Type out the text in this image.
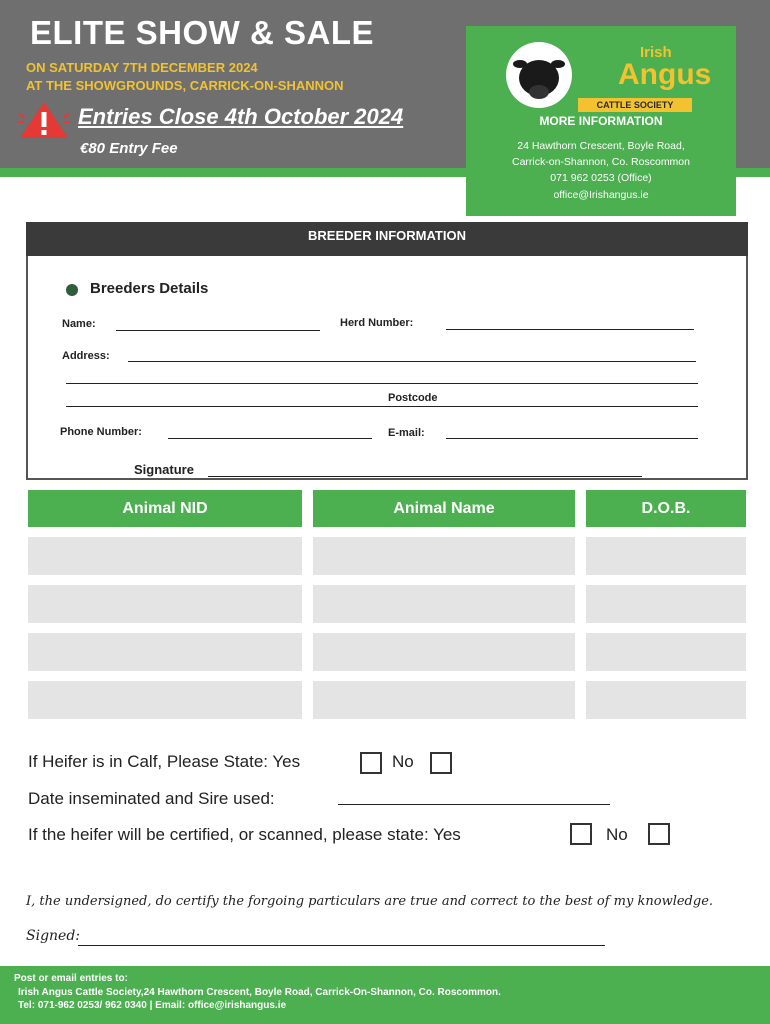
ELITE SHOW & SALE
ON SATURDAY 7TH DECEMBER 2024
AT THE SHOWGROUNDS, CARRICK-ON-SHANNON
Entries Close 4th October 2024
€80 Entry Fee
Irish
Angus
CATTLE SOCIETY
MORE INFORMATION
24 Hawthorn Crescent, Boyle Road,
Carrick-on-Shannon, Co. Roscommon
071 962 0253 (Office)
office@Irishangus.ie
BREEDER INFORMATION
Breeders Details
Name:	Herd Number:
Address:
Postcode
Phone Number:	E-mail:
Signature
Animal NID	Animal Name	D.O.B.
If Heifer is in Calf, Please State: Yes	No
Date inseminated and Sire used:
If the heifer will be certified, or scanned, please state: Yes	No
I, the undersigned, do certify the forgoing particulars are true and correct to the best of my knowledge.
Signed:
Post or email entries to:
Irish Angus Cattle Society,24 Hawthorn Crescent, Boyle Road, Carrick-On-Shannon, Co. Roscommon.
Tel: 071-962 0253/ 962 0340 | Email: office@irishangus.ie
